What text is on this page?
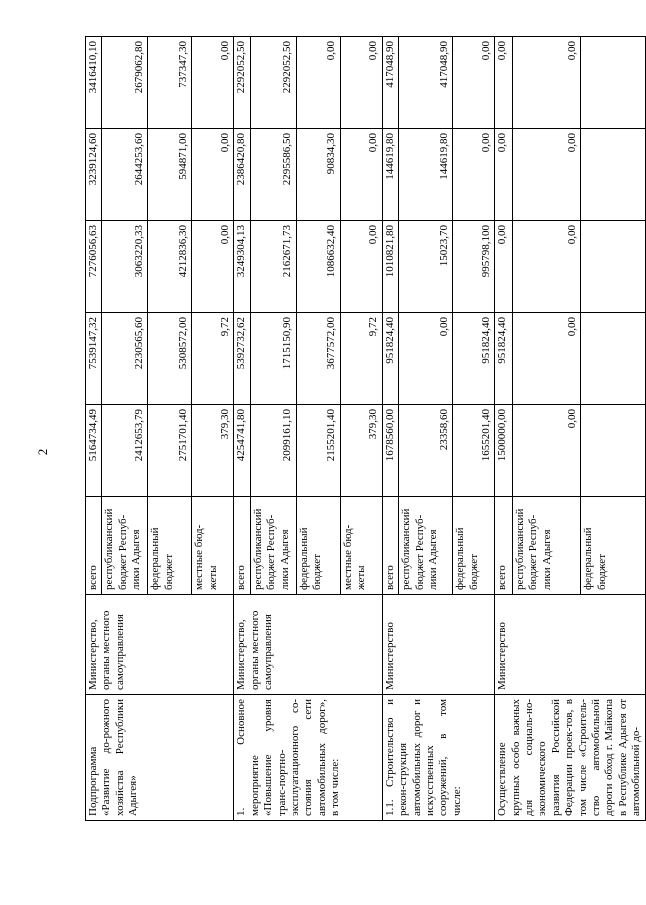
2
Подпрограмма «Развитие до-рожного хозяйства Республики Адыгея»	Министерство, органы местного самоуправления	всего	5164734,49	7539147,32	7276056,63	3239124,60	3416410,10
		республиканский бюджет Респуб-лики Адыгея	2412653,79	2230565,60	3063220,33	2644253,60	2679062,80
		федеральный бюджет	2751701,40	5308572,00	4212836,30	594871,00	737347,30
		местные бюд-жеты	379,30	9,72	0,00	0,00	0,00
1. Основное мероприятие «Повышение уровня транс-портно-эксплуатационного со-стояния сети автомобильных дорог», в том числе:	Министерство, органы местного самоуправления	всего	4254741,80	5392732,62	3249304,13	2386420,80	2292052,50
		республиканский бюджет Респуб-лики Адыгея	2099161,10	1715150,90	2162671,73	2295586,50	2292052,50
		федеральный бюджет	2155201,40	3677572,00	1086632,40	90834,30	0,00
		местные бюд-жеты	379,30	9,72	0,00	0,00	0,00
1.1. Строительство и рекон-струкция автомобильных дорог и искусственных сооружений, в том числе:	Министерство	всего	1678560,00	951824,40	1010821,80	144619,80	417048,90
		республиканский бюджет Респуб-лики Адыгея	23358,60	0,00	15023,70	144619,80	417048,90
		федеральный бюджет	1655201,40	951824,40	995798,100	0,00	0,00
Осуществление крупных особо важных для социаль-но-экономического развития Российской Федерации проек-тов, в том числе «Строитель-ство автомобильной дороги обход г. Майкопа в Республике Адыгея от автомобильной до-	Министерство	всего	1500000,00	951824,40	0,00	0,00	0,00
		республиканский бюджет Респуб-лики Адыгея	0,00	0,00	0,00	0,00	0,00
		федеральный бюджет					
